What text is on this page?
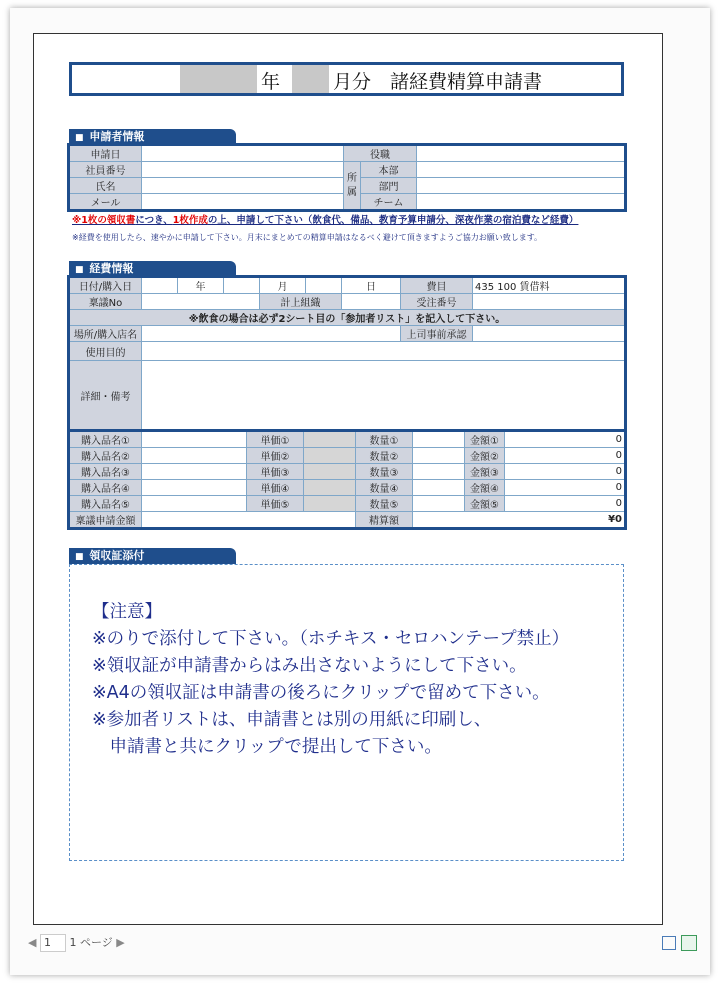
年	月分 諸経費精算申請書
■ 申請者情報
申請日		役職		
社員番号		所属	本部	
氏名			部門	
メール			チーム	
※1枚の領収書につき、1枚作成の上、申請して下さい（飲食代、備品、教育予算申請分、深夜作業の宿泊費など経費）
※経費を使用したら、速やかに申請して下さい。月末にまとめての精算申請はなるべく避けて頂きますようご協力お願い致します。
■ 経費情報
日付/購入日		年		月		日	費目	435 100 賃借料
稟議No				計上組織			受注番号	
※飲食の場合は必ず2シート目の「参加者リスト」を記入して下さい。								
場所/購入店名							上司事前承認	
使用目的								
詳細・備考								
購入品名①		単価①		数量①		金額①	0
購入品名②		単価②		数量②		金額②	0
購入品名③		単価③		数量③		金額③	0
購入品名④		単価④		数量④		金額④	0
購入品名⑤		単価⑤		数量⑤		金額⑤	0
稟議申請金額				精算額	¥0		
■ 領収証添付
【注意】
※のりで添付して下さい。（ホチキス・セロハンテープ禁止）
※領収証が申請書からはみ出さないようにして下さい。
※A4の領収証は申請書の後ろにクリップで留めて下さい。
※参加者リストは、申請書とは別の用紙に印刷し、
　申請書と共にクリップで提出して下さい。
◀ 1 1 ページ ▶
